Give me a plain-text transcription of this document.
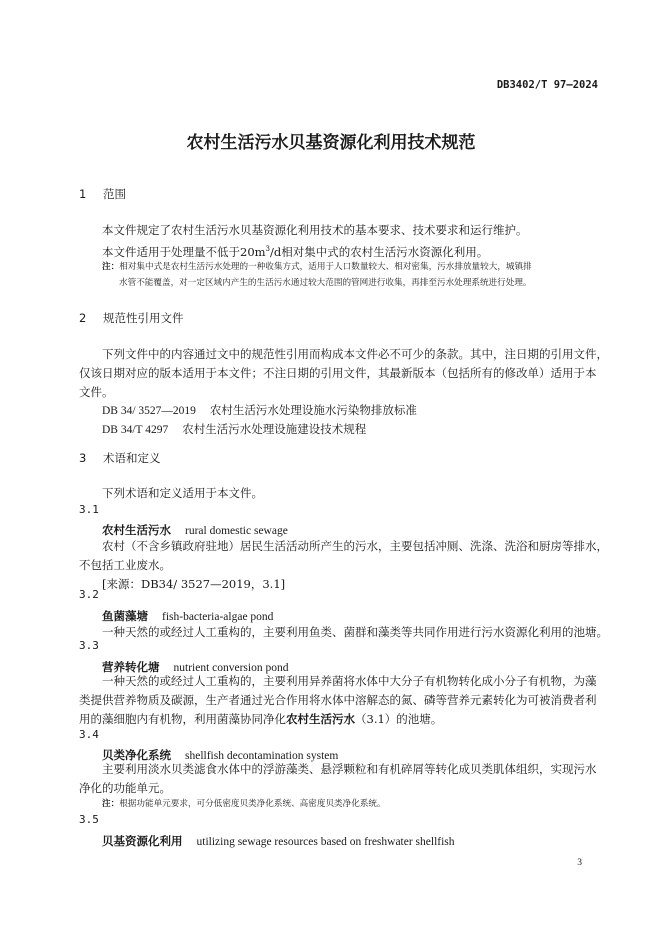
DB3402/T 97—2024
农村生活污水贝基资源化利用技术规范
1 范围
本文件规定了农村生活污水贝基资源化利用技术的基本要求、技术要求和运行维护。
本文件适用于处理量不低于$20m^3/d$相对集中式的农村生活污水资源化利用。
注：相对集中式是农村生活污水处理的一种收集方式，适用于人口数量较大、相对密集，污水排放量较大，城镇排
水管不能覆盖，对一定区域内产生的生活污水通过较大范围的管网进行收集，再排至污水处理系统进行处理。
2 规范性引用文件
下列文件中的内容通过文中的规范性引用而构成本文件必不可少的条款。其中，注日期的引用文件，
仅该日期对应的版本适用于本文件；不注日期的引用文件，其最新版本（包括所有的修改单）适用于本
文件。
DB 34/ 3527—2019 农村生活污水处理设施水污染物排放标准
DB 34/T 4297 农村生活污水处理设施建设技术规程
3 术语和定义
下列术语和定义适用于本文件。
3.1
农村生活污水 rural domestic sewage
农村（不含乡镇政府驻地）居民生活活动所产生的污水，主要包括冲厕、洗涤、洗浴和厨房等排水，
不包括工业废水。
[来源：DB34/ 3527—2019，3.1]
3.2
鱼菌藻塘 fish-bacteria-algae pond
一种天然的或经过人工重构的，主要利用鱼类、菌群和藻类等共同作用进行污水资源化利用的池塘。
3.3
营养转化塘 nutrient conversion pond
一种天然的或经过人工重构的，主要利用异养菌将水体中大分子有机物转化成小分子有机物，为藻
类提供营养物质及碳源，生产者通过光合作用将水体中溶解态的氮、磷等营养元素转化为可被消费者利
用的藻细胞内有机物，利用菌藻协同净化农村生活污水（3.1）的池塘。
3.4
贝类净化系统 shellfish decontamination system
主要利用淡水贝类滤食水体中的浮游藻类、悬浮颗粒和有机碎屑等转化成贝类肌体组织，实现污水
净化的功能单元。
注：根据功能单元要求，可分低密度贝类净化系统、高密度贝类净化系统。
3.5
贝基资源化利用 utilizing sewage resources based on freshwater shellfish
3
